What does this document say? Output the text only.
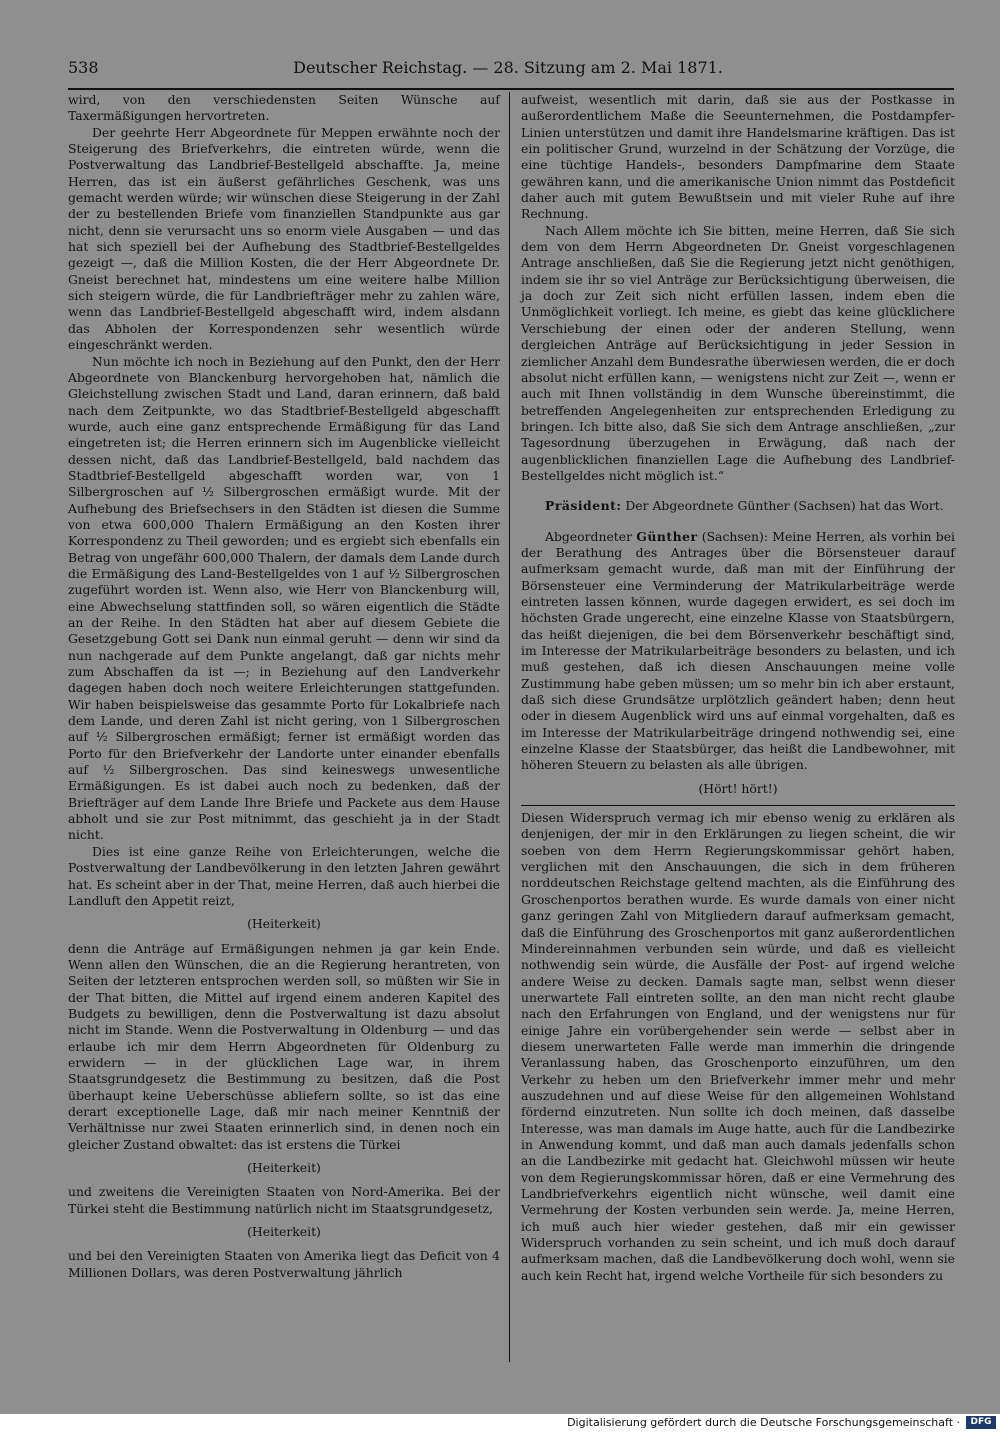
538	Deutscher Reichstag. — 28. Sitzung am 2. Mai 1871.

wird, von den verschiedensten Seiten Wünsche auf Taxermäßigungen hervortreten.

Der geehrte Herr Abgeordnete für Meppen erwähnte noch der Steigerung des Briefverkehrs, die eintreten würde, wenn die Postverwaltung das Landbrief-Bestellgeld abschaffte. Ja, meine Herren, das ist ein äußerst gefährliches Geschenk, was uns gemacht werden würde; wir wünschen diese Steigerung in der Zahl der zu bestellenden Briefe vom finanziellen Standpunkte aus gar nicht, denn sie verursacht uns so enorm viele Ausgaben — und das hat sich speziell bei der Aufhebung des Stadtbrief-Bestellgeldes gezeigt —, daß die Million Kosten, die der Herr Abgeordnete Dr. Gneist berechnet hat, mindestens um eine weitere halbe Million sich steigern würde, die für Landbriefträger mehr zu zahlen wäre, wenn das Landbrief-Bestellgeld abgeschafft wird, indem alsdann das Abholen der Korrespondenzen sehr wesentlich würde eingeschränkt werden.

Nun möchte ich noch in Beziehung auf den Punkt, den der Herr Abgeordnete von Blanckenburg hervorgehoben hat, nämlich die Gleichstellung zwischen Stadt und Land, daran erinnern, daß bald nach dem Zeitpunkte, wo das Stadtbrief-Bestellgeld abgeschafft wurde, auch eine ganz entsprechende Ermäßigung für das Land eingetreten ist; die Herren erinnern sich im Augenblicke vielleicht dessen nicht, daß das Landbrief-Bestellgeld, bald nachdem das Stadtbrief-Bestellgeld abgeschafft worden war, von 1 Silbergroschen auf ½ Silbergroschen ermäßigt wurde. Mit der Aufhebung des Briefsechsers in den Städten ist diesen die Summe von etwa 600,000 Thalern Ermäßigung an den Kosten ihrer Korrespondenz zu Theil geworden; und es ergiebt sich ebenfalls ein Betrag von ungefähr 600,000 Thalern, der damals dem Lande durch die Ermäßigung des Land-Bestellgeldes von 1 auf ½ Silbergroschen zugeführt worden ist. Wenn also, wie Herr von Blanckenburg will, eine Abwechselung stattfinden soll, so wären eigentlich die Städte an der Reihe. In den Städten hat aber auf diesem Gebiete die Gesetzgebung Gott sei Dank nun einmal geruht — denn wir sind da nun nachgerade auf dem Punkte angelangt, daß gar nichts mehr zum Abschaffen da ist —; in Beziehung auf den Landverkehr dagegen haben doch noch weitere Erleichterungen stattgefunden. Wir haben beispielsweise das gesammte Porto für Lokalbriefe nach dem Lande, und deren Zahl ist nicht gering, von 1 Silbergroschen auf ½ Silbergroschen ermäßigt; ferner ist ermäßigt worden das Porto für den Briefverkehr der Landorte unter einander ebenfalls auf ½ Silbergroschen. Das sind keineswegs unwesentliche Ermäßigungen. Es ist dabei auch noch zu bedenken, daß der Briefträger auf dem Lande Ihre Briefe und Packete aus dem Hause abholt und sie zur Post mitnimmt, das geschieht ja in der Stadt nicht.

Dies ist eine ganze Reihe von Erleichterungen, welche die Postverwaltung der Landbevölkerung in den letzten Jahren gewährt hat. Es scheint aber in der That, meine Herren, daß auch hierbei die Landluft den Appetit reizt,

(Heiterkeit)

denn die Anträge auf Ermäßigungen nehmen ja gar kein Ende. Wenn allen den Wünschen, die an die Regierung herantreten, von Seiten der letzteren entsprochen werden soll, so müßten wir Sie in der That bitten, die Mittel auf irgend einem anderen Kapitel des Budgets zu bewilligen, denn die Postverwaltung ist dazu absolut nicht im Stande. Wenn die Postverwaltung in Oldenburg — und das erlaube ich mir dem Herrn Abgeordneten für Oldenburg zu erwidern — in der glücklichen Lage war, in ihrem Staatsgrundgesetz die Bestimmung zu besitzen, daß die Post überhaupt keine Ueberschüsse abliefern sollte, so ist das eine derart exceptionelle Lage, daß mir nach meiner Kenntniß der Verhältnisse nur zwei Staaten erinnerlich sind, in denen noch ein gleicher Zustand obwaltet: das ist erstens die Türkei

(Heiterkeit)

und zweitens die Vereinigten Staaten von Nord-Amerika. Bei der Türkei steht die Bestimmung natürlich nicht im Staatsgrundgesetz,

(Heiterkeit)

und bei den Vereinigten Staaten von Amerika liegt das Deficit von 4 Millionen Dollars, was deren Postverwaltung jährlich

aufweist, wesentlich mit darin, daß sie aus der Postkasse in außerordentlichem Maße die Seeunternehmen, die Postdampfer-Linien unterstützen und damit ihre Handelsmarine kräftigen. Das ist ein politischer Grund, wurzelnd in der Schätzung der Vorzüge, die eine tüchtige Handels-, besonders Dampfmarine dem Staate gewähren kann, und die amerikanische Union nimmt das Postdeficit daher auch mit gutem Bewußtsein und mit vieler Ruhe auf ihre Rechnung.

Nach Allem möchte ich Sie bitten, meine Herren, daß Sie sich dem von dem Herrn Abgeordneten Dr. Gneist vorgeschlagenen Antrage anschließen, daß Sie die Regierung jetzt nicht genöthigen, indem sie ihr so viel Anträge zur Berücksichtigung überweisen, die ja doch zur Zeit sich nicht erfüllen lassen, indem eben die Unmöglichkeit vorliegt. Ich meine, es giebt das keine glücklichere Verschiebung der einen oder der anderen Stellung, wenn dergleichen Anträge auf Berücksichtigung in jeder Session in ziemlicher Anzahl dem Bundesrathe überwiesen werden, die er doch absolut nicht erfüllen kann, — wenigstens nicht zur Zeit —, wenn er auch mit Ihnen vollständig in dem Wunsche übereinstimmt, die betreffenden Angelegenheiten zur entsprechenden Erledigung zu bringen. Ich bitte also, daß Sie sich dem Antrage anschließen, „zur Tagesordnung überzugehen in Erwägung, daß nach der augenblicklichen finanziellen Lage die Aufhebung des Landbrief-Bestellgeldes nicht möglich ist.“

Präsident: Der Abgeordnete Günther (Sachsen) hat das Wort.

Abgeordneter Günther (Sachsen): Meine Herren, als vorhin bei der Berathung des Antrages über die Börsensteuer darauf aufmerksam gemacht wurde, daß man mit der Einführung der Börsensteuer eine Verminderung der Matrikularbeiträge werde eintreten lassen können, wurde dagegen erwidert, es sei doch im höchsten Grade ungerecht, eine einzelne Klasse von Staatsbürgern, das heißt diejenigen, die bei dem Börsenverkehr beschäftigt sind, im Interesse der Matrikularbeiträge besonders zu belasten, und ich muß gestehen, daß ich diesen Anschauungen meine volle Zustimmung habe geben müssen; um so mehr bin ich aber erstaunt, daß sich diese Grundsätze urplötzlich geändert haben; denn heut oder in diesem Augenblick wird uns auf einmal vorgehalten, daß es im Interesse der Matrikularbeiträge dringend nothwendig sei, eine einzelne Klasse der Staatsbürger, das heißt die Landbewohner, mit höheren Steuern zu belasten als alle übrigen.

(Hört! hört!)

Diesen Widerspruch vermag ich mir ebenso wenig zu erklären als denjenigen, der mir in den Erklärungen zu liegen scheint, die wir soeben von dem Herrn Regierungskommissar gehört haben, verglichen mit den Anschauungen, die sich in dem früheren norddeutschen Reichstage geltend machten, als die Einführung des Groschenportos berathen wurde. Es wurde damals von einer nicht ganz geringen Zahl von Mitgliedern darauf aufmerksam gemacht, daß die Einführung des Groschenportos mit ganz außerordentlichen Mindereinnahmen verbunden sein würde, und daß es vielleicht nothwendig sein würde, die Ausfälle der Post- auf irgend welche andere Weise zu decken. Damals sagte man, selbst wenn dieser unerwartete Fall eintreten sollte, an den man nicht recht glaube nach den Erfahrungen von England, und der wenigstens nur für einige Jahre ein vorübergehender sein werde — selbst aber in diesem unerwarteten Falle werde man immerhin die dringende Veranlassung haben, das Groschenporto einzuführen, um den Verkehr zu heben um den Briefverkehr immer mehr und mehr auszudehnen und auf diese Weise für den allgemeinen Wohlstand fördernd einzutreten. Nun sollte ich doch meinen, daß dasselbe Interesse, was man damals im Auge hatte, auch für die Landbezirke in Anwendung kommt, und daß man auch damals jedenfalls schon an die Landbezirke mit gedacht hat. Gleichwohl müssen wir heute von dem Regierungskommissar hören, daß er eine Vermehrung des Landbriefverkehrs eigentlich nicht wünsche, weil damit eine Vermehrung der Kosten verbunden sein werde. Ja, meine Herren, ich muß auch hier wieder gestehen, daß mir ein gewisser Widerspruch vorhanden zu sein scheint, und ich muß doch darauf aufmerksam machen, daß die Landbevölkerung doch wohl, wenn sie auch kein Recht hat, irgend welche Vortheile für sich besonders zu

Digitalisierung gefördert durch die Deutsche Forschungsgemeinschaft ·	DFG
